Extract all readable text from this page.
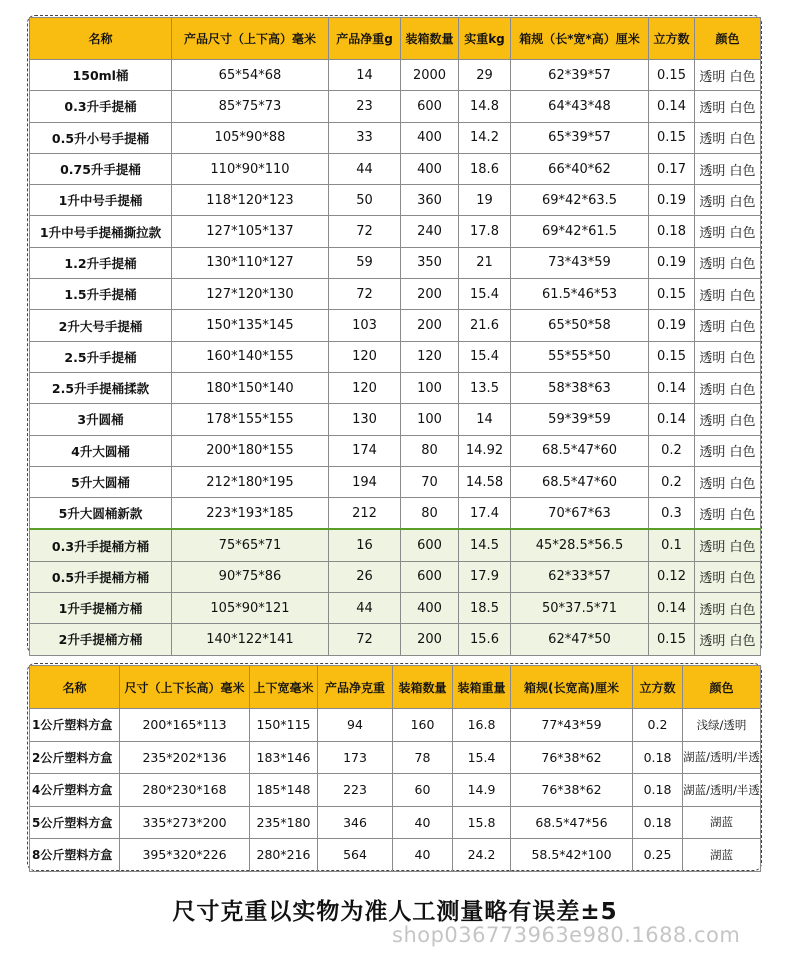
名称	产品尺寸（上下高）毫米	产品净重g	装箱数量	实重kg	箱规（长*宽*高）厘米	立方数	颜色
150ml桶	65*54*68	14	2000	29	62*39*57	0.15	透明 白色
0.3升手提桶	85*75*73	23	600	14.8	64*43*48	0.14	透明 白色
0.5升小号手提桶	105*90*88	33	400	14.2	65*39*57	0.15	透明 白色
0.75升手提桶	110*90*110	44	400	18.6	66*40*62	0.17	透明 白色
1升中号手提桶	118*120*123	50	360	19	69*42*63.5	0.19	透明 白色
1升中号手提桶撕拉款	127*105*137	72	240	17.8	69*42*61.5	0.18	透明 白色
1.2升手提桶	130*110*127	59	350	21	73*43*59	0.19	透明 白色
1.5升手提桶	127*120*130	72	200	15.4	61.5*46*53	0.15	透明 白色
2升大号手提桶	150*135*145	103	200	21.6	65*50*58	0.19	透明 白色
2.5升手提桶	160*140*155	120	120	15.4	55*55*50	0.15	透明 白色
2.5升手提桶揉款	180*150*140	120	100	13.5	58*38*63	0.14	透明 白色
3升圆桶	178*155*155	130	100	14	59*39*59	0.14	透明 白色
4升大圆桶	200*180*155	174	80	14.92	68.5*47*60	0.2	透明 白色
5升大圆桶	212*180*195	194	70	14.58	68.5*47*60	0.2	透明 白色
5升大圆桶新款	223*193*185	212	80	17.4	70*67*63	0.3	透明 白色
0.3升手提桶方桶	75*65*71	16	600	14.5	45*28.5*56.5	0.1	透明 白色
0.5升手提桶方桶	90*75*86	26	600	17.9	62*33*57	0.12	透明 白色
1升手提桶方桶	105*90*121	44	400	18.5	50*37.5*71	0.14	透明 白色
2升手提桶方桶	140*122*141	72	200	15.6	62*47*50	0.15	透明 白色
名称	尺寸（上下长高）毫米	上下宽毫米	产品净克重	装箱数量	装箱重量	箱规(长宽高)厘米	立方数	颜色
1公斤塑料方盒	200*165*113	150*115	94	160	16.8	77*43*59	0.2	浅绿/透明
2公斤塑料方盒	235*202*136	183*146	173	78	15.4	76*38*62	0.18	湖蓝/透明/半透
4公斤塑料方盒	280*230*168	185*148	223	60	14.9	76*38*62	0.18	湖蓝/透明/半透
5公斤塑料方盒	335*273*200	235*180	346	40	15.8	68.5*47*56	0.18	湖蓝
8公斤塑料方盒	395*320*226	280*216	564	40	24.2	58.5*42*100	0.25	湖蓝
尺寸克重以实物为准人工测量略有误差±5
shop036773963e980.1688.com
